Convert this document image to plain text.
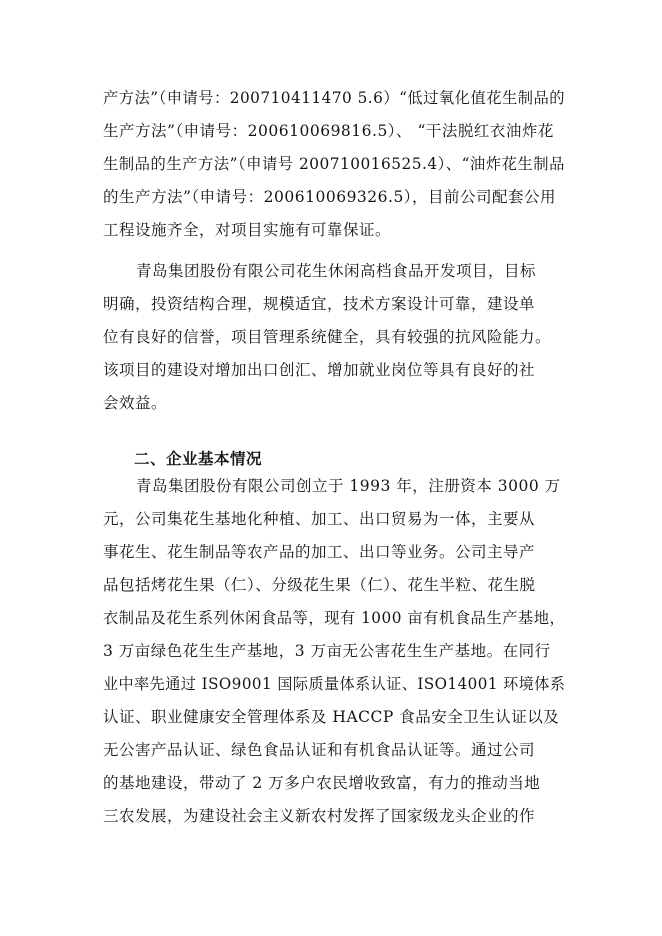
产方法”（申请号：200710411470 5.6）“低过氧化值花生制品的
生产方法”（申请号：200610069816.5）、 “干法脱红衣油炸花
生制品的生产方法”（申请号 200710016525.4）、“油炸花生制品
的生产方法”（申请号：200610069326.5），目前公司配套公用
工程设施齐全，对项目实施有可靠保证。
青岛集团股份有限公司花生休闲高档食品开发项目，目标
明确，投资结构合理，规模适宜，技术方案设计可靠，建设单
位有良好的信誉，项目管理系统健全，具有较强的抗风险能力。
该项目的建设对增加出口创汇、增加就业岗位等具有良好的社
会效益。
二、企业基本情况
青岛集团股份有限公司创立于 1993 年，注册资本 3000 万
元，公司集花生基地化种植、加工、出口贸易为一体，主要从
事花生、花生制品等农产品的加工、出口等业务。公司主导产
品包括烤花生果（仁）、分级花生果（仁）、花生半粒、花生脱
衣制品及花生系列休闲食品等，现有 1000 亩有机食品生产基地，
3 万亩绿色花生生产基地，3 万亩无公害花生生产基地。在同行
业中率先通过 ISO9001 国际质量体系认证、ISO14001 环境体系
认证、职业健康安全管理体系及 HACCP 食品安全卫生认证以及
无公害产品认证、绿色食品认证和有机食品认证等。通过公司
的基地建设，带动了 2 万多户农民增收致富，有力的推动当地
三农发展，为建设社会主义新农村发挥了国家级龙头企业的作
